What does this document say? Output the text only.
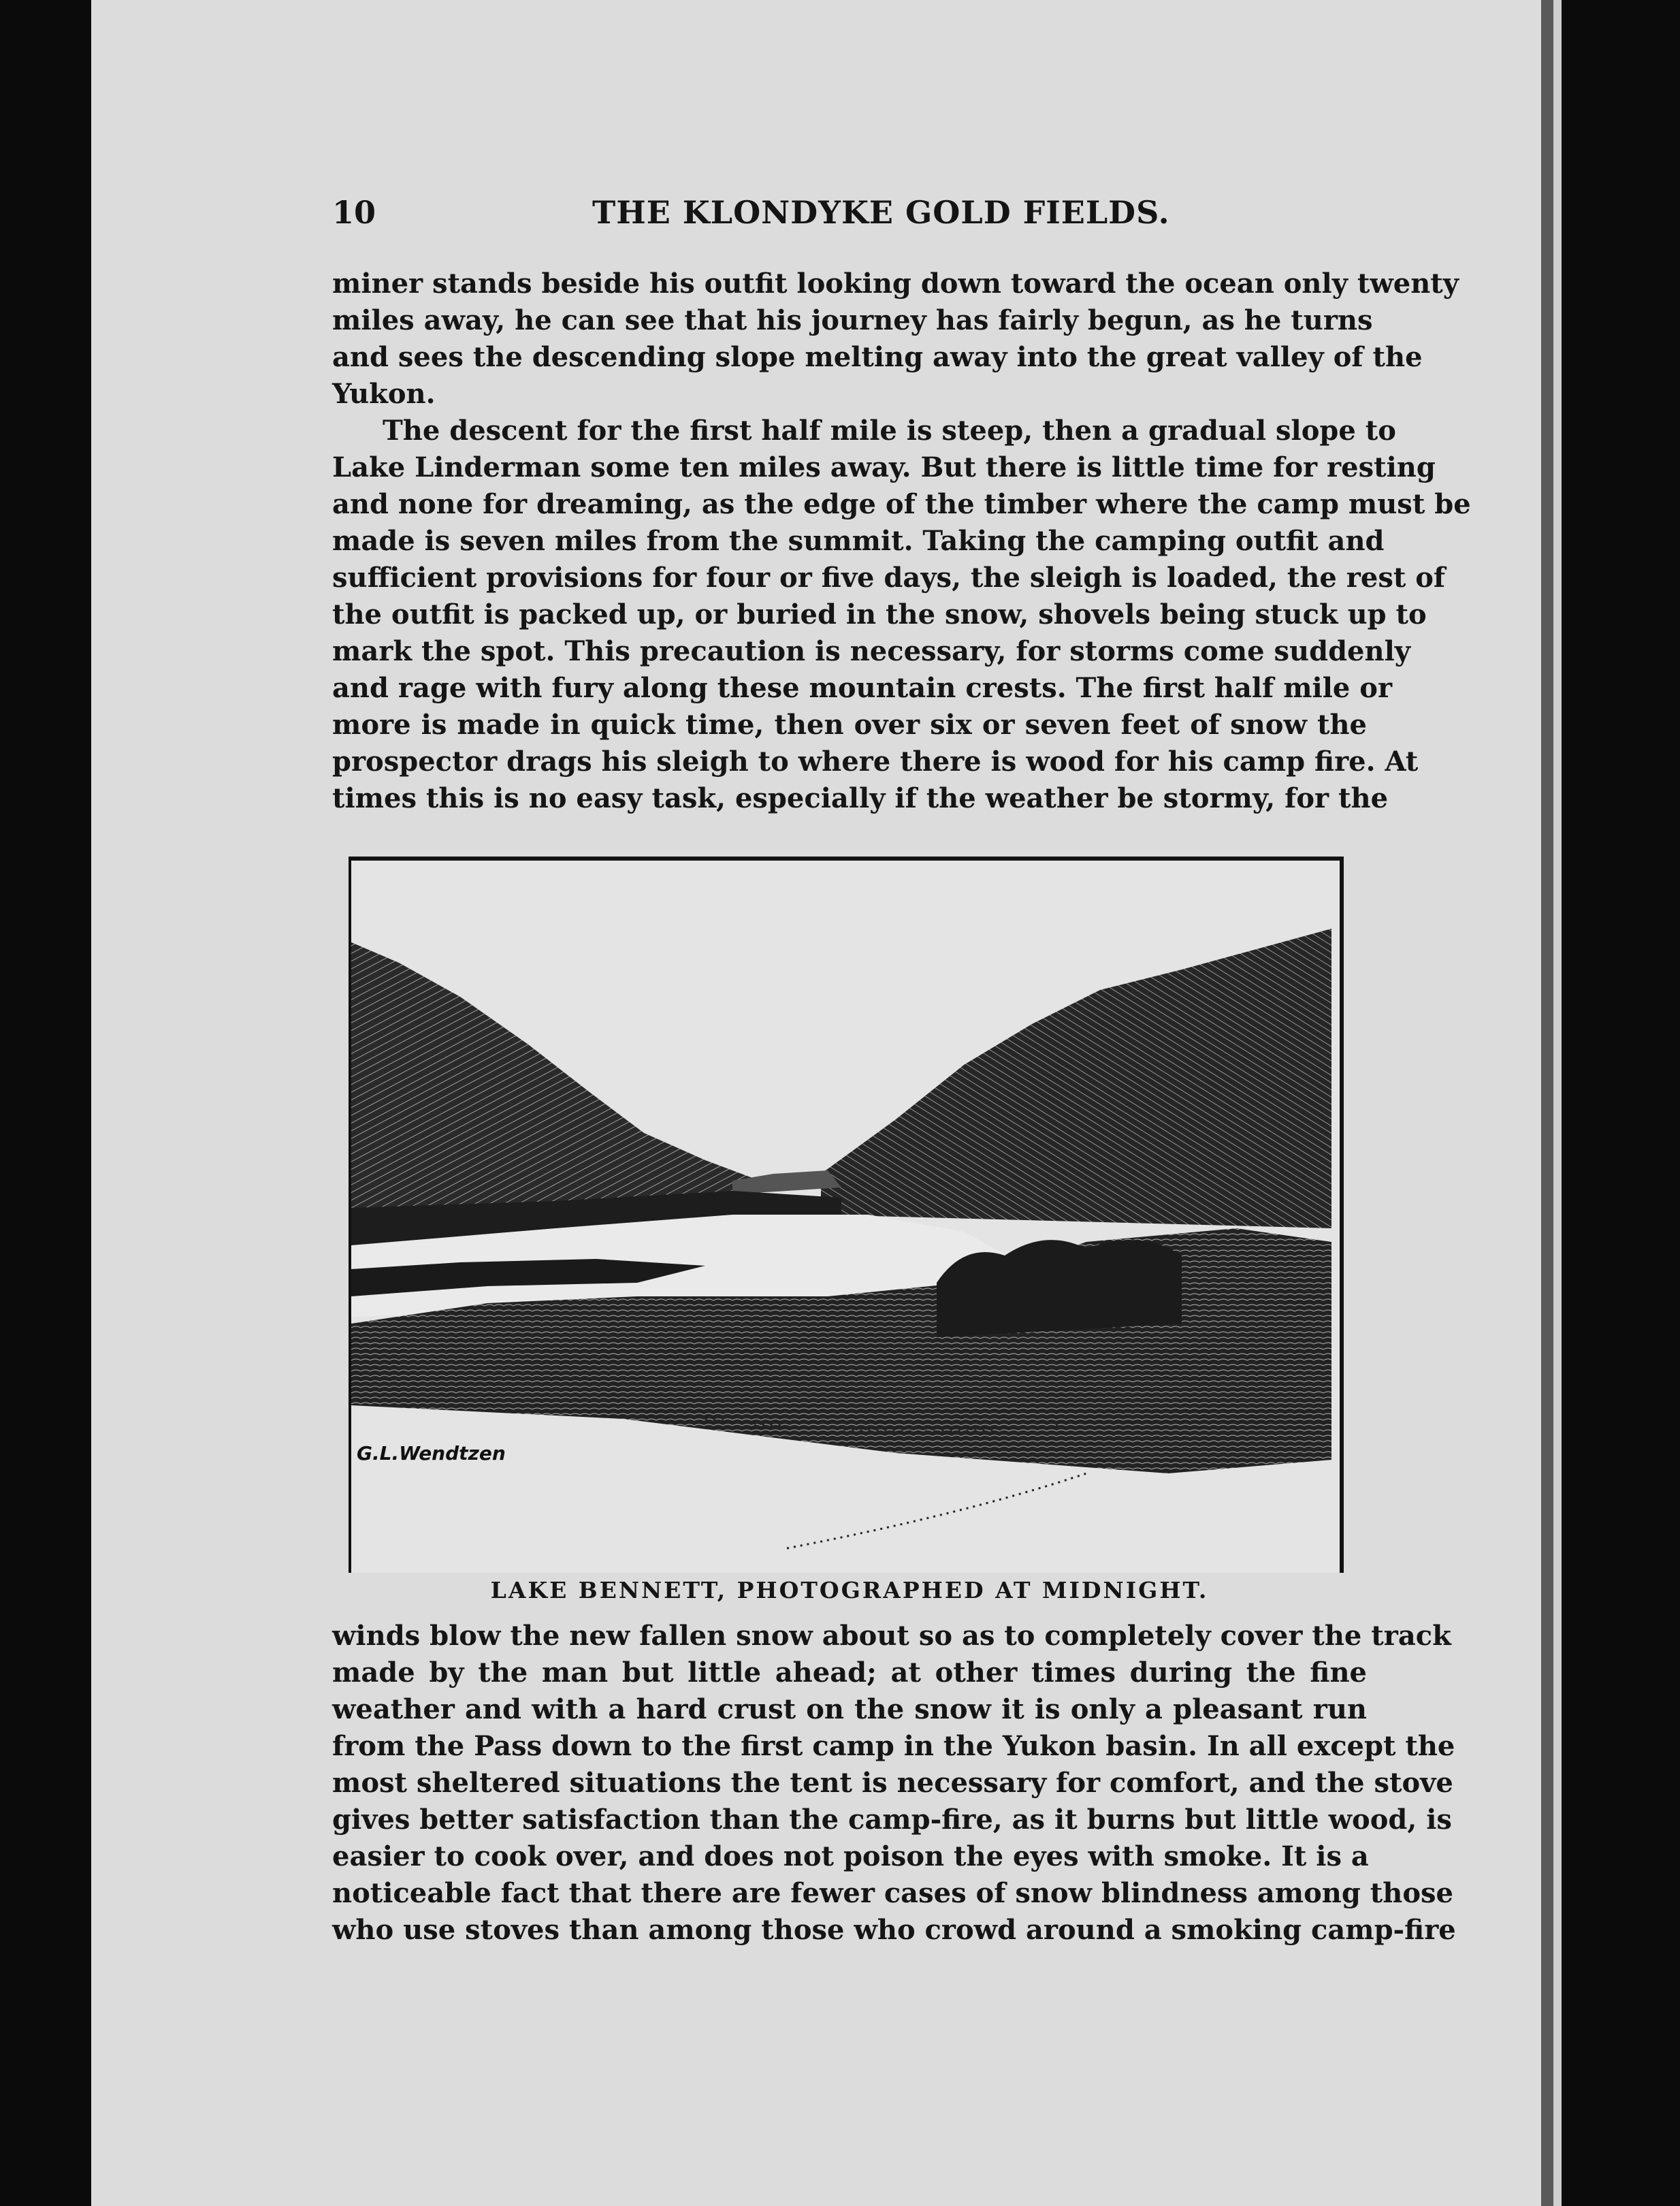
10	THE KLONDYKE GOLD FIELDS.

miner stands beside his outfit looking down toward the ocean only twenty
miles away, he can see that his journey has fairly begun, as he turns
and sees the descending slope melting away into the great valley of the
Yukon.

The descent for the first half mile is steep, then a gradual slope to
Lake Linderman some ten miles away. But there is little time for resting
and none for dreaming, as the edge of the timber where the camp must be
made is seven miles from the summit. Taking the camping outfit and
sufficient provisions for four or five days, the sleigh is loaded, the rest of
the outfit is packed up, or buried in the snow, shovels being stuck up to
mark the spot. This precaution is necessary, for storms come suddenly
and rage with fury along these mountain crests. The first half mile or
more is made in quick time, then over six or seven feet of snow the
prospector drags his sleigh to where there is wood for his camp fire. At
times this is no easy task, especially if the weather be stormy, for the

G.L.Wendtzen
LAKE BENNETT, PHOTOGRAPHED AT MIDNIGHT.

winds blow the new fallen snow about so as to completely cover the track
made by the man but little ahead; at other times during the fine
weather and with a hard crust on the snow it is only a pleasant run
from the Pass down to the first camp in the Yukon basin. In all except the
most sheltered situations the tent is necessary for comfort, and the stove
gives better satisfaction than the camp-fire, as it burns but little wood, is
easier to cook over, and does not poison the eyes with smoke. It is a
noticeable fact that there are fewer cases of snow blindness among those
who use stoves than among those who crowd around a smoking camp-fire
